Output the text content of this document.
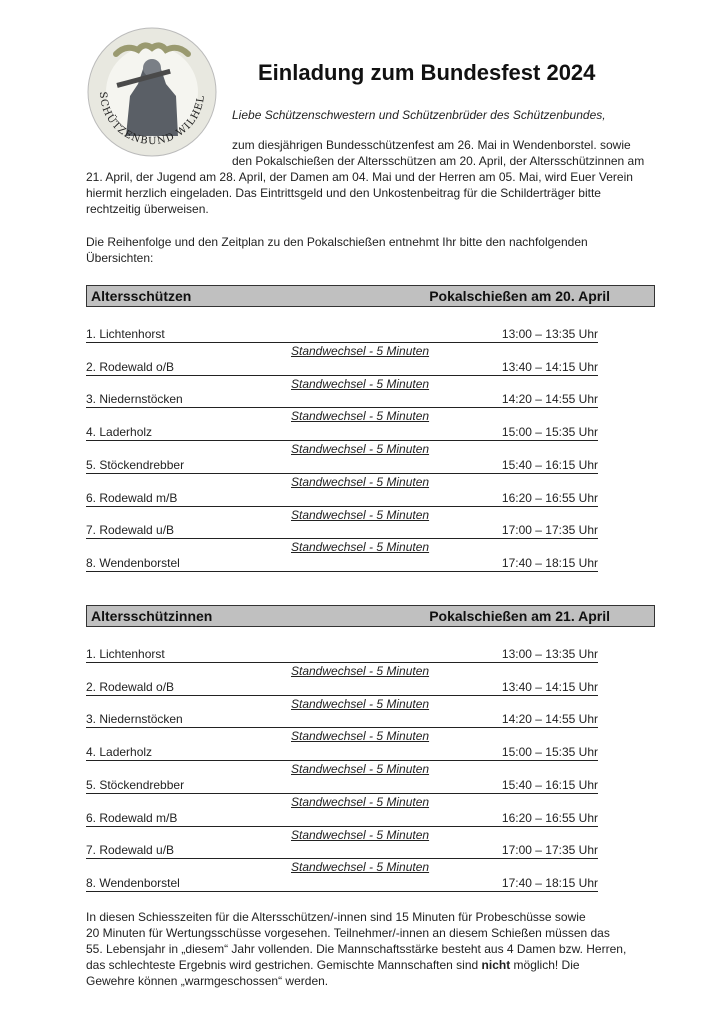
SCHÜTZENBUND WILHEL
Einladung zum Bundesfest 2024
Liebe Schützenschwestern und Schützenbrüder des Schützenbundes,
zum diesjährigen Bundesschützenfest am 26. Mai in Wendenborstel. sowie
den Pokalschießen der Altersschützen am 20. April, der Altersschützinnen am
21. April, der Jugend am 28. April, der Damen am 04. Mai und der Herren am 05. Mai, wird Euer Verein
hiermit herzlich eingeladen. Das Eintrittsgeld und den Unkostenbeitrag für die Schilderträger bitte
rechtzeitig überweisen.
Die Reihenfolge und den Zeitplan zu den Pokalschießen entnehmt Ihr bitte den nachfolgenden
Übersichten:
Altersschützen	Pokalschießen am 20. April
1. Lichtenhorst	13:00 – 13:35 Uhr
Standwechsel - 5 Minuten
2. Rodewald o/B	13:40 – 14:15 Uhr
Standwechsel - 5 Minuten
3. Niedernstöcken	14:20 – 14:55 Uhr
Standwechsel - 5 Minuten
4. Laderholz	15:00 – 15:35 Uhr
Standwechsel - 5 Minuten
5. Stöckendrebber	15:40 – 16:15 Uhr
Standwechsel - 5 Minuten
6. Rodewald m/B	16:20 – 16:55 Uhr
Standwechsel - 5 Minuten
7. Rodewald u/B	17:00 – 17:35 Uhr
Standwechsel - 5 Minuten
8. Wendenborstel	17:40 – 18:15 Uhr
Altersschützinnen	Pokalschießen am 21. April
1. Lichtenhorst	13:00 – 13:35 Uhr
Standwechsel - 5 Minuten
2. Rodewald o/B	13:40 – 14:15 Uhr
Standwechsel - 5 Minuten
3. Niedernstöcken	14:20 – 14:55 Uhr
Standwechsel - 5 Minuten
4. Laderholz	15:00 – 15:35 Uhr
Standwechsel - 5 Minuten
5. Stöckendrebber	15:40 – 16:15 Uhr
Standwechsel - 5 Minuten
6. Rodewald m/B	16:20 – 16:55 Uhr
Standwechsel - 5 Minuten
7. Rodewald u/B	17:00 – 17:35 Uhr
Standwechsel - 5 Minuten
8. Wendenborstel	17:40 – 18:15 Uhr
In diesen Schiesszeiten für die Altersschützen/-innen sind 15 Minuten für Probeschüsse sowie
20 Minuten für Wertungsschüsse vorgesehen. Teilnehmer/-innen an diesem Schießen müssen das
55. Lebensjahr in „diesem“ Jahr vollenden. Die Mannschaftsstärke besteht aus 4 Damen bzw. Herren,
das schlechteste Ergebnis wird gestrichen. Gemischte Mannschaften sind nicht möglich! Die
Gewehre können „warmgeschossen“ werden.
